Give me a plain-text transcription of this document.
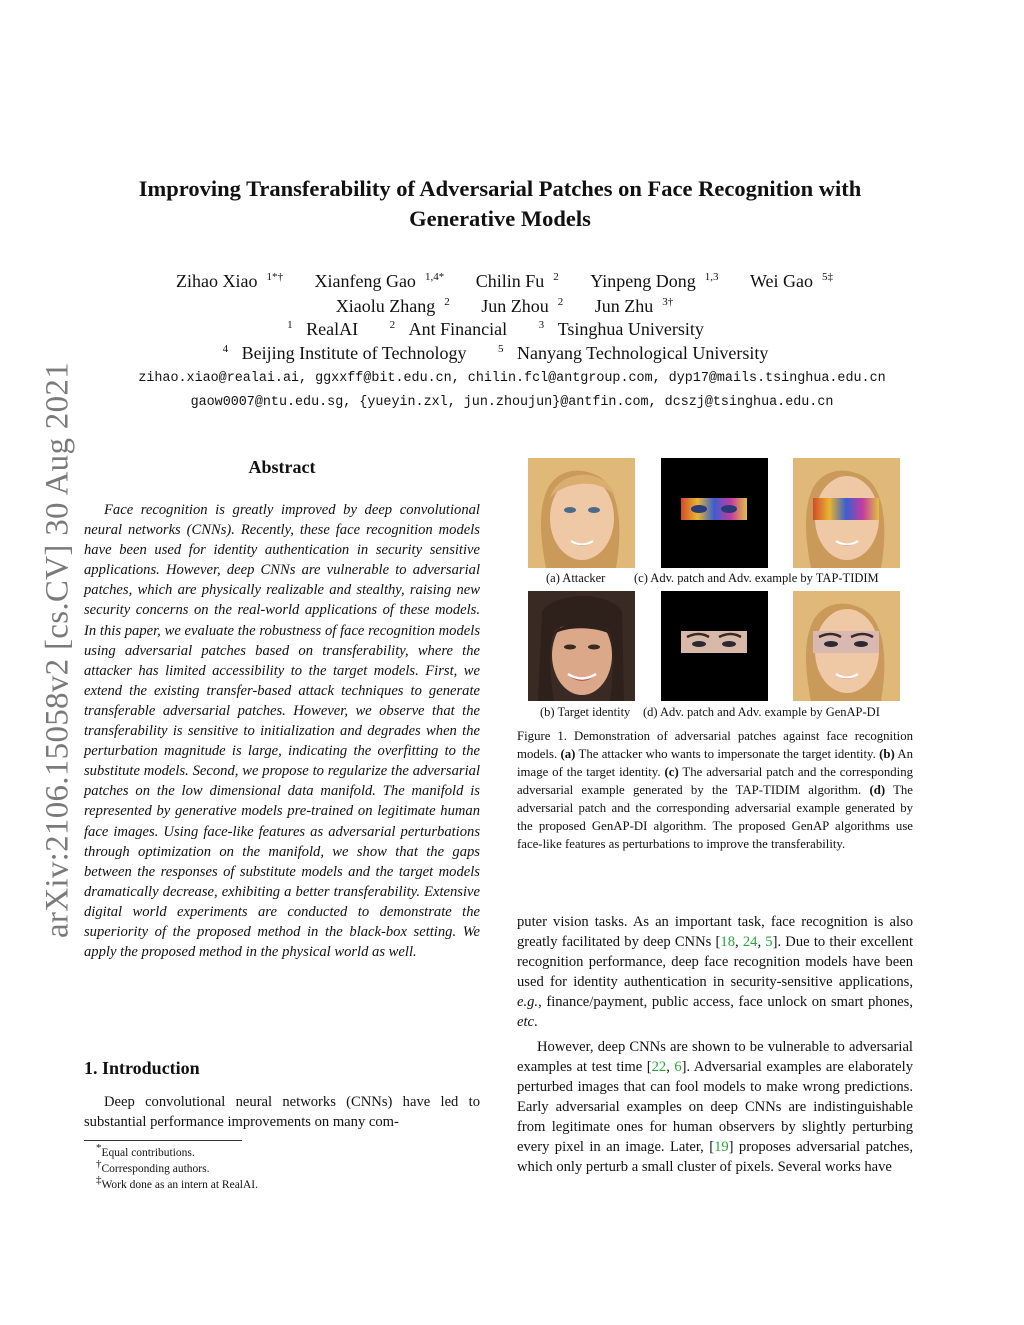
arXiv:2106.15058v2 [cs.CV] 30 Aug 2021
Improving Transferability of Adversarial Patches on Face Recognition with
Generative Models
Zihao Xiao $^{1*\dagger}$ Xianfeng Gao $^{1,4*}$ Chilin Fu $^2$ Yinpeng Dong $^{1,3}$ Wei Gao $^{5\ddagger}$
Xiaolu Zhang $^2$ Jun Zhou $^2$ Jun Zhu $^{3\dagger}$
$^1$ RealAI	$^2$ Ant Financial	$^3$ Tsinghua University
$^4$ Beijing Institute of Technology	$^5$ Nanyang Technological University
zihao.xiao@realai.ai, ggxxff@bit.edu.cn, chilin.fcl@antgroup.com, dyp17@mails.tsinghua.edu.cn
gaow0007@ntu.edu.sg, {yueyin.zxl, jun.zhoujun}@antfin.com, dcszj@tsinghua.edu.cn
Abstract
Face recognition is greatly improved by deep convolutional neural networks (CNNs). Recently, these face recognition models have been used for identity authentication in security sensitive applications. However, deep CNNs are vulnerable to adversarial patches, which are physically realizable and stealthy, raising new security concerns on the real-world applications of these models. In this paper, we evaluate the robustness of face recognition models using adversarial patches based on transferability, where the attacker has limited accessibility to the target models. First, we extend the existing transfer-based attack techniques to generate transferable adversarial patches. However, we observe that the transferability is sensitive to initialization and degrades when the perturbation magnitude is large, indicating the overfitting to the substitute models. Second, we propose to regularize the adversarial patches on the low dimensional data manifold. The manifold is represented by generative models pre-trained on legitimate human face images. Using face-like features as adversarial perturbations through optimization on the manifold, we show that the gaps between the responses of substitute models and the target models dramatically decrease, exhibiting a better transferability. Extensive digital world experiments are conducted to demonstrate the superiority of the proposed method in the black-box setting. We apply the proposed method in the physical world as well.
1. Introduction
Deep convolutional neural networks (CNNs) have led to substantial performance improvements on many com-
*Equal contributions.
†Corresponding authors.
‡Work done as an intern at RealAI.
(a) Attacker (c) Adv. patch and Adv. example by TAP-TIDIM
(b) Target identity (d) Adv. patch and Adv. example by GenAP-DI
Figure 1. Demonstration of adversarial patches against face recognition models. (a) The attacker who wants to impersonate the target identity. (b) An image of the target identity. (c) The adversarial patch and the corresponding adversarial example generated by the TAP-TIDIM algorithm. (d) The adversarial patch and the corresponding adversarial example generated by the proposed GenAP-DI algorithm. The proposed GenAP algorithms use face-like features as perturbations to improve the transferability.

puter vision tasks. As an important task, face recognition is also greatly facilitated by deep CNNs [18, 24, 5]. Due to their excellent recognition performance, deep face recognition models have been used for identity authentication in security-sensitive applications, e.g., finance/payment, public access, face unlock on smart phones, etc.

However, deep CNNs are shown to be vulnerable to adversarial examples at test time [22, 6]. Adversarial examples are elaborately perturbed images that can fool models to make wrong predictions. Early adversarial examples on deep CNNs are indistinguishable from legitimate ones for human observers by slightly perturbing every pixel in an image. Later, [19] proposes adversarial patches, which only perturb a small cluster of pixels. Several works have
